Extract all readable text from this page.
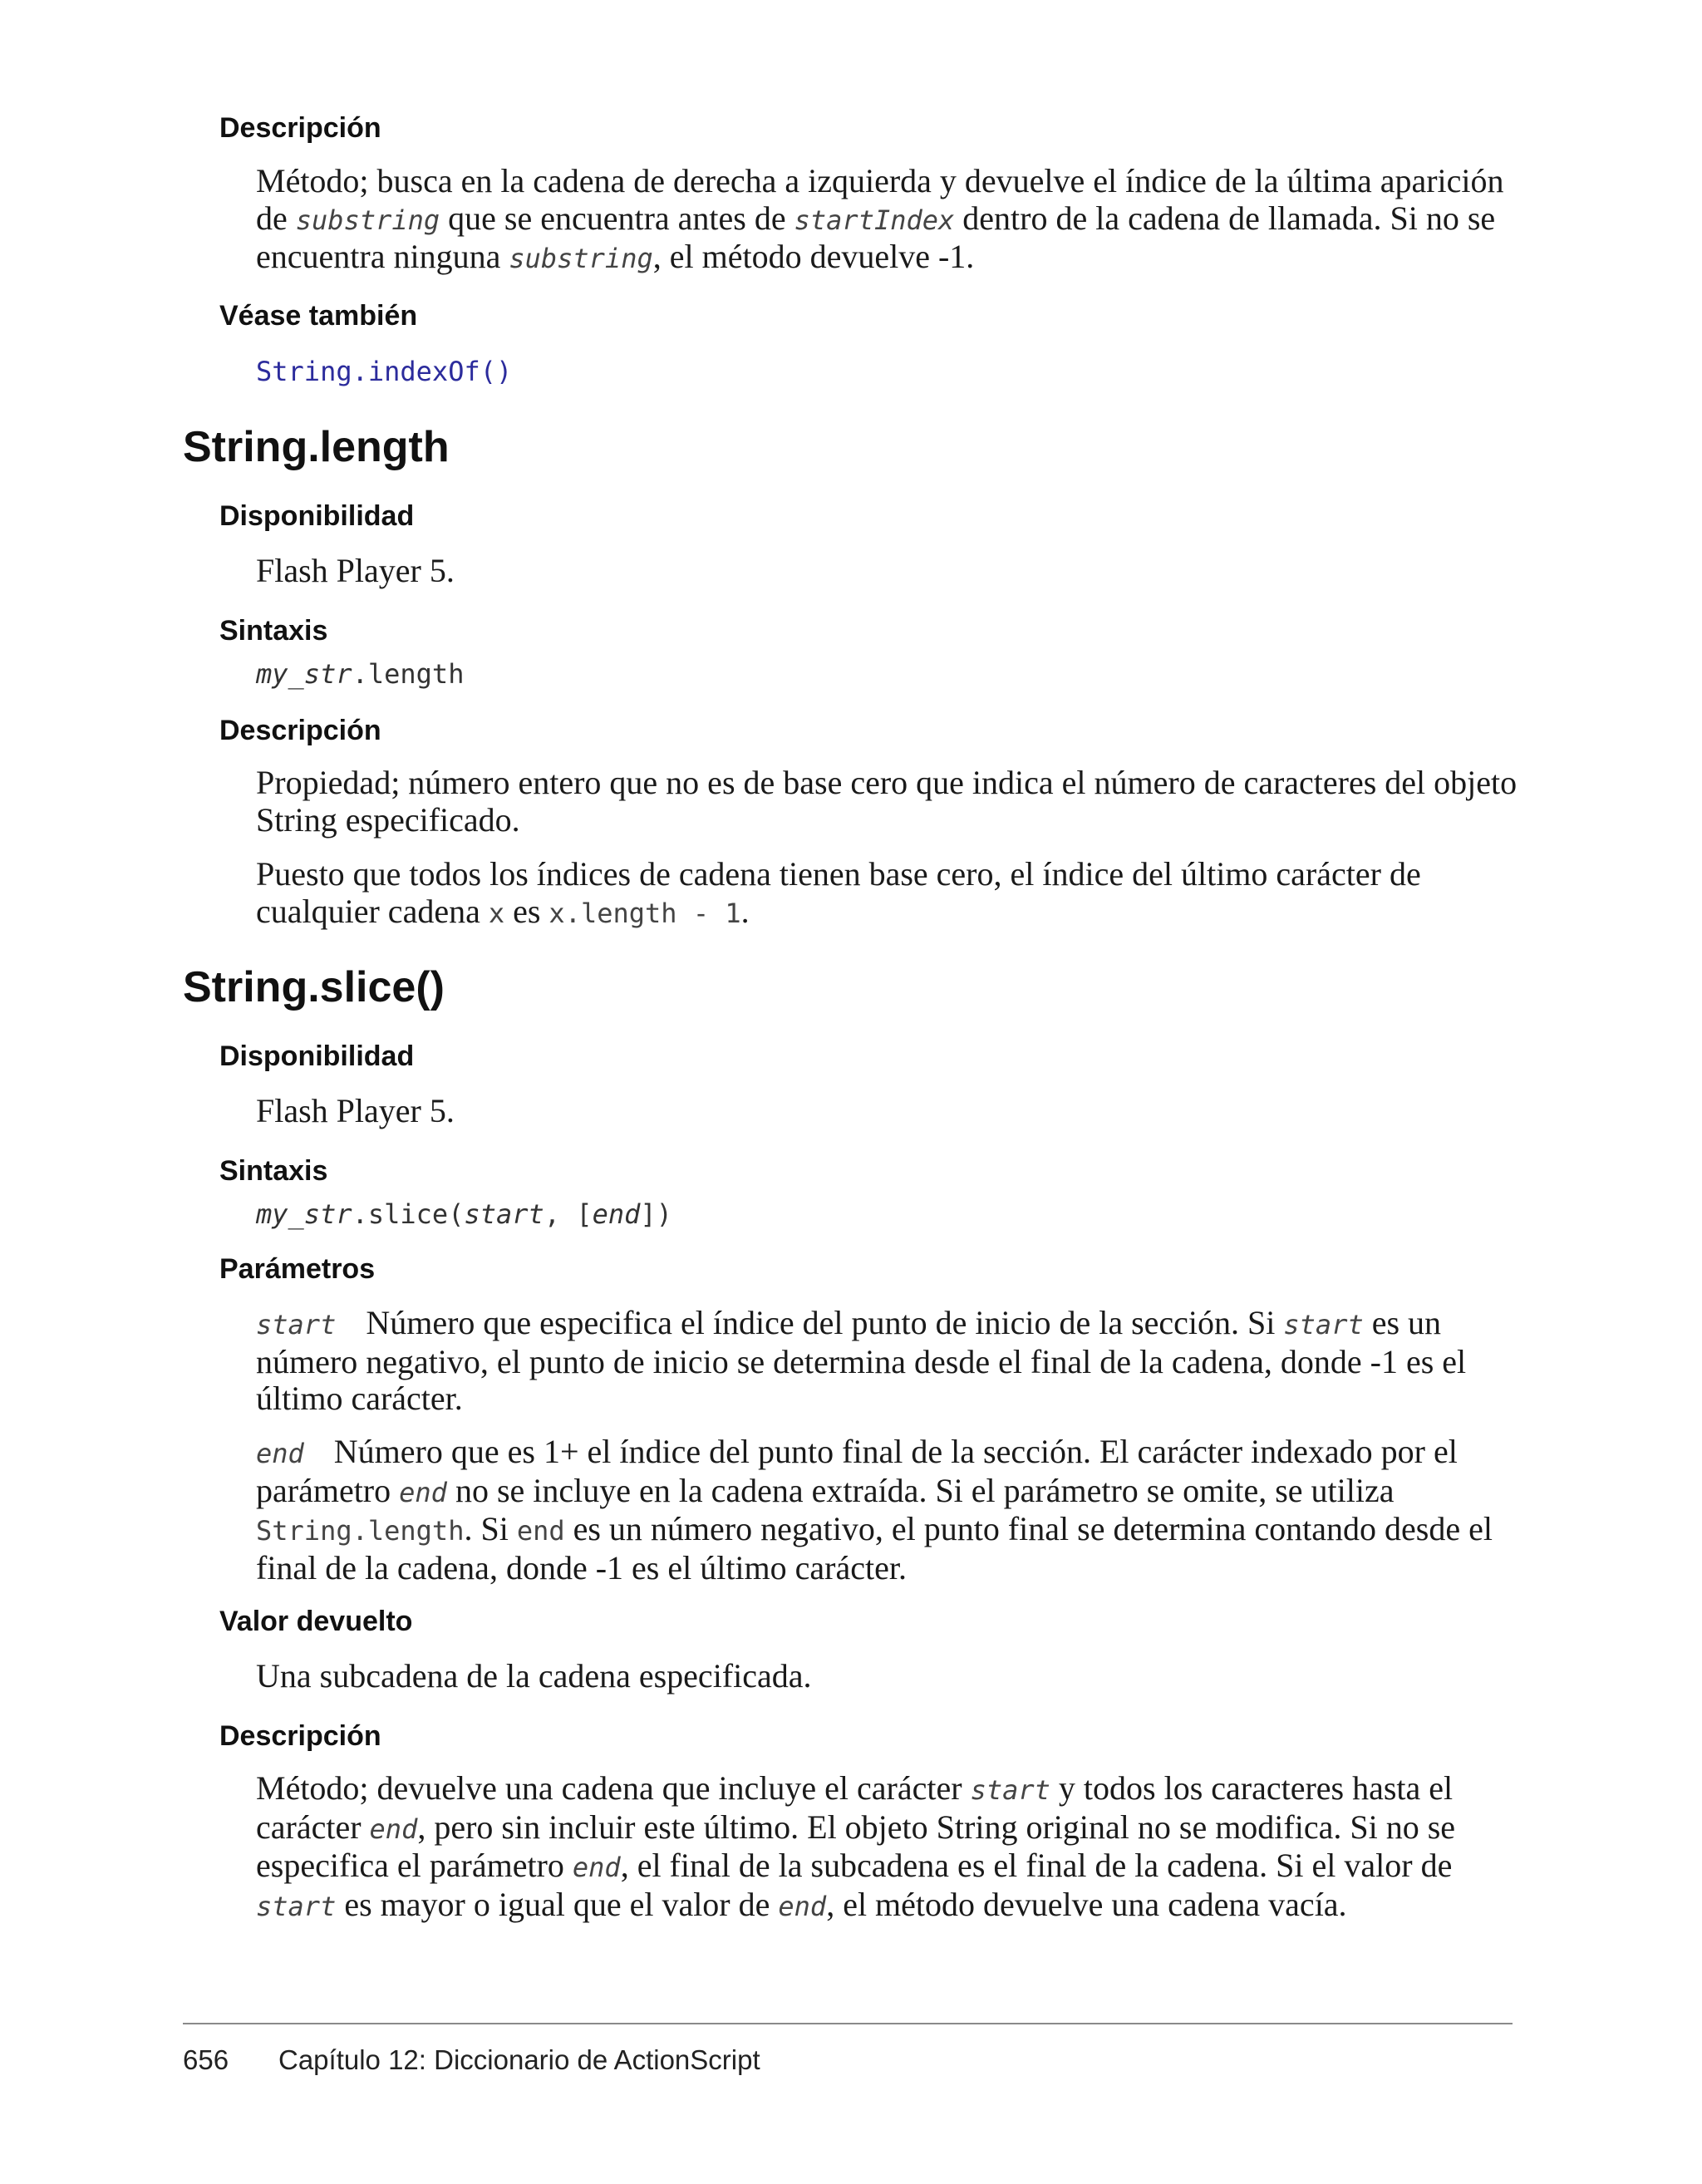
Descripción
Método; busca en la cadena de derecha a izquierda y devuelve el índice de la última aparición de substring que se encuentra antes de startIndex dentro de la cadena de llamada. Si no se encuentra ninguna substring, el método devuelve -1.
Véase también
String.indexOf()
String.length
Disponibilidad
Flash Player 5.
Sintaxis
my_str.length
Descripción
Propiedad; número entero que no es de base cero que indica el número de caracteres del objeto String especificado.
Puesto que todos los índices de cadena tienen base cero, el índice del último carácter de cualquier cadena x es x.length - 1.
String.slice()
Disponibilidad
Flash Player 5.
Sintaxis
my_str.slice(start, [end])
Parámetros
start Número que especifica el índice del punto de inicio de la sección. Si start es un número negativo, el punto de inicio se determina desde el final de la cadena, donde -1 es el último carácter.
end Número que es 1+ el índice del punto final de la sección. El carácter indexado por el parámetro end no se incluye en la cadena extraída. Si el parámetro se omite, se utiliza String.length. Si end es un número negativo, el punto final se determina contando desde el final de la cadena, donde -1 es el último carácter.
Valor devuelto
Una subcadena de la cadena especificada.
Descripción
Método; devuelve una cadena que incluye el carácter start y todos los caracteres hasta el carácter end, pero sin incluir este último. El objeto String original no se modifica. Si no se especifica el parámetro end, el final de la subcadena es el final de la cadena. Si el valor de start es mayor o igual que el valor de end, el método devuelve una cadena vacía.
656 Capítulo 12: Diccionario de ActionScript
